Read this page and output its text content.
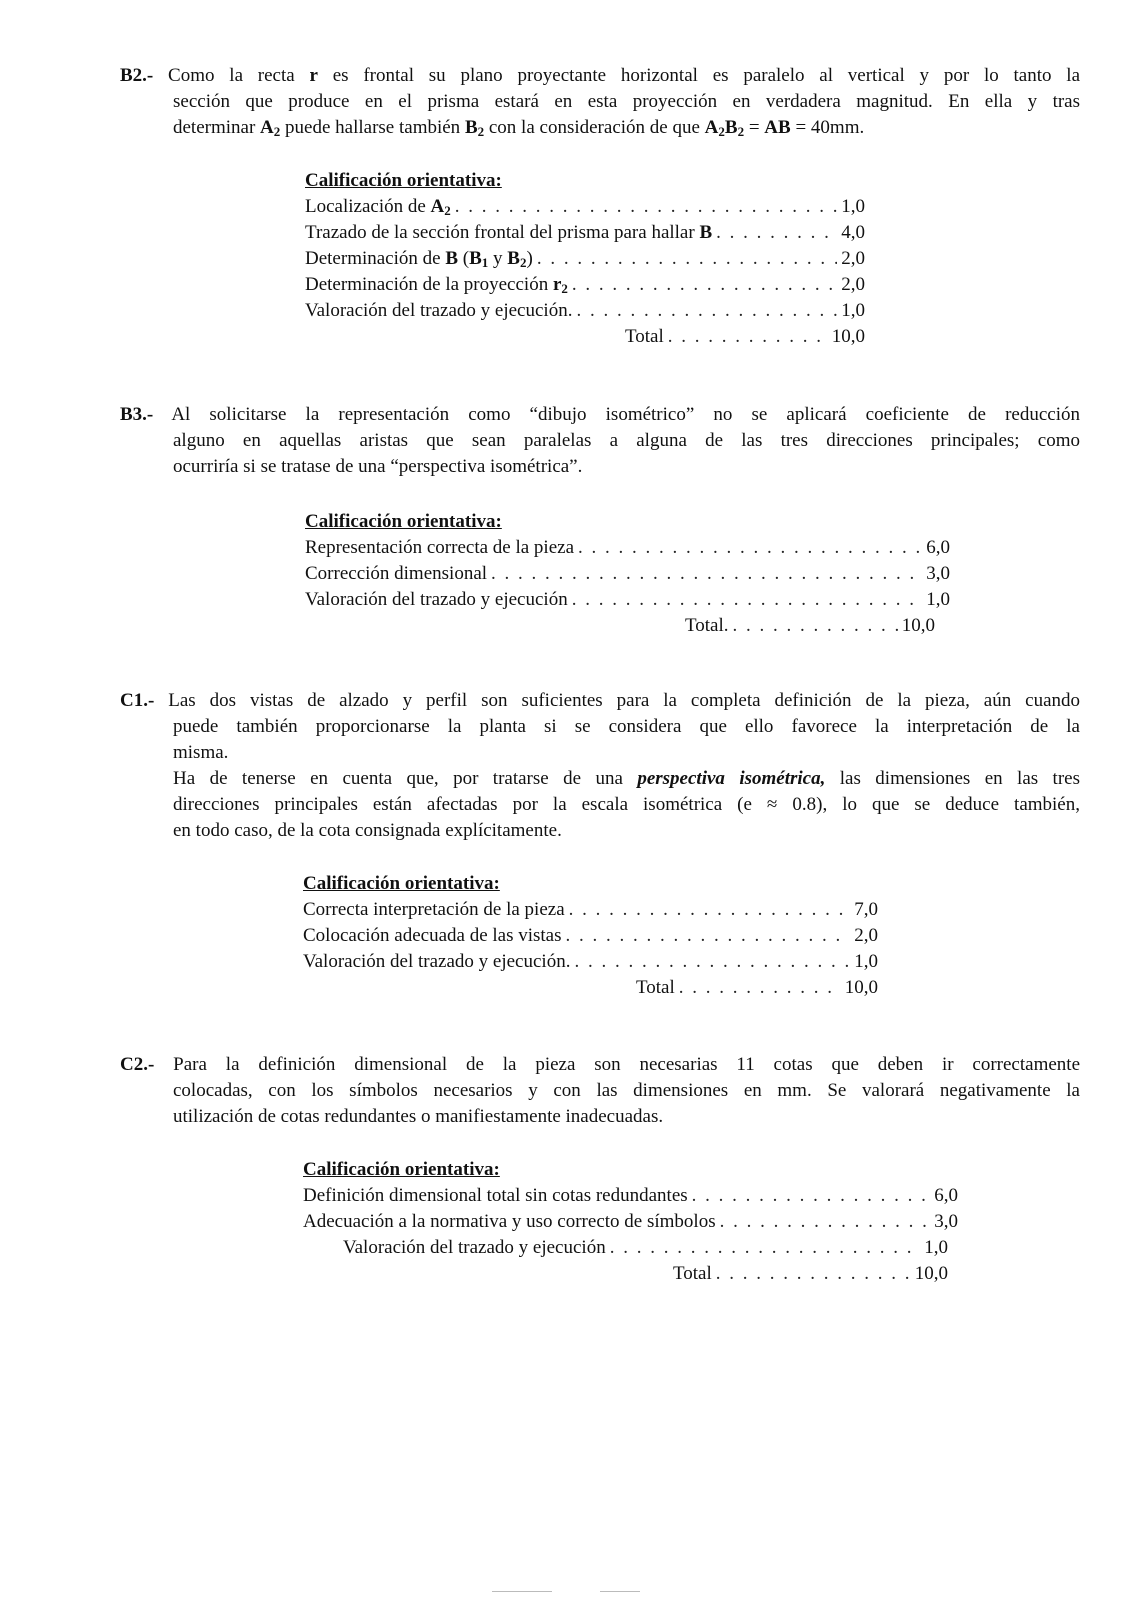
B2.- Como la recta r es frontal su plano proyectante horizontal es paralelo al vertical y por lo tanto la
sección que produce en el prisma estará en esta proyección en verdadera magnitud. En ella y tras
determinar $A_2$ puede hallarse también $B_2$ con la consideración de que $A_2B_2$ = AB = 40mm.
Calificación orientativa:
Localización de $A_2$ . . .	1,0
Trazado de la sección frontal del prisma para hallar B . . .	4,0
Determinación de B ($B_1$ y $B_2$) . . .	2,0
Determinación de la proyección $r_2$ . . .	2,0
Valoración del trazado y ejecución. . . .	1,0
Total . . .	10,0
B3.- Al solicitarse la representación como “dibujo isométrico” no se aplicará coeficiente de reducción
alguno en aquellas aristas que sean paralelas a alguna de las tres direcciones principales; como
ocurriría si se tratase de una “perspectiva isométrica”.
Calificación orientativa:
Representación correcta de la pieza . . .	6,0
Corrección dimensional . . .	3,0
Valoración del trazado y ejecución . . .	1,0
Total. . . .	10,0
C1.- Las dos vistas de alzado y perfil son suficientes para la completa definición de la pieza, aún cuando
puede también proporcionarse la planta si se considera que ello favorece la interpretación de la
misma.
Ha de tenerse en cuenta que, por tratarse de una perspectiva isométrica, las dimensiones en las tres
direcciones principales están afectadas por la escala isométrica (e ≈ 0.8), lo que se deduce también,
en todo caso, de la cota consignada explícitamente.
Calificación orientativa:
Correcta interpretación de la pieza . . .	7,0
Colocación adecuada de las vistas . . .	2,0
Valoración del trazado y ejecución. . . .	1,0
Total . . .	10,0
C2.- Para la definición dimensional de la pieza son necesarias 11 cotas que deben ir correctamente
colocadas, con los símbolos necesarios y con las dimensiones en mm. Se valorará negativamente la
utilización de cotas redundantes o manifiestamente inadecuadas.
Calificación orientativa:
Definición dimensional total sin cotas redundantes . . .	6,0
Adecuación a la normativa y uso correcto de símbolos . . .	3,0
Valoración del trazado y ejecución . . .	1,0
Total . . .	10,0
